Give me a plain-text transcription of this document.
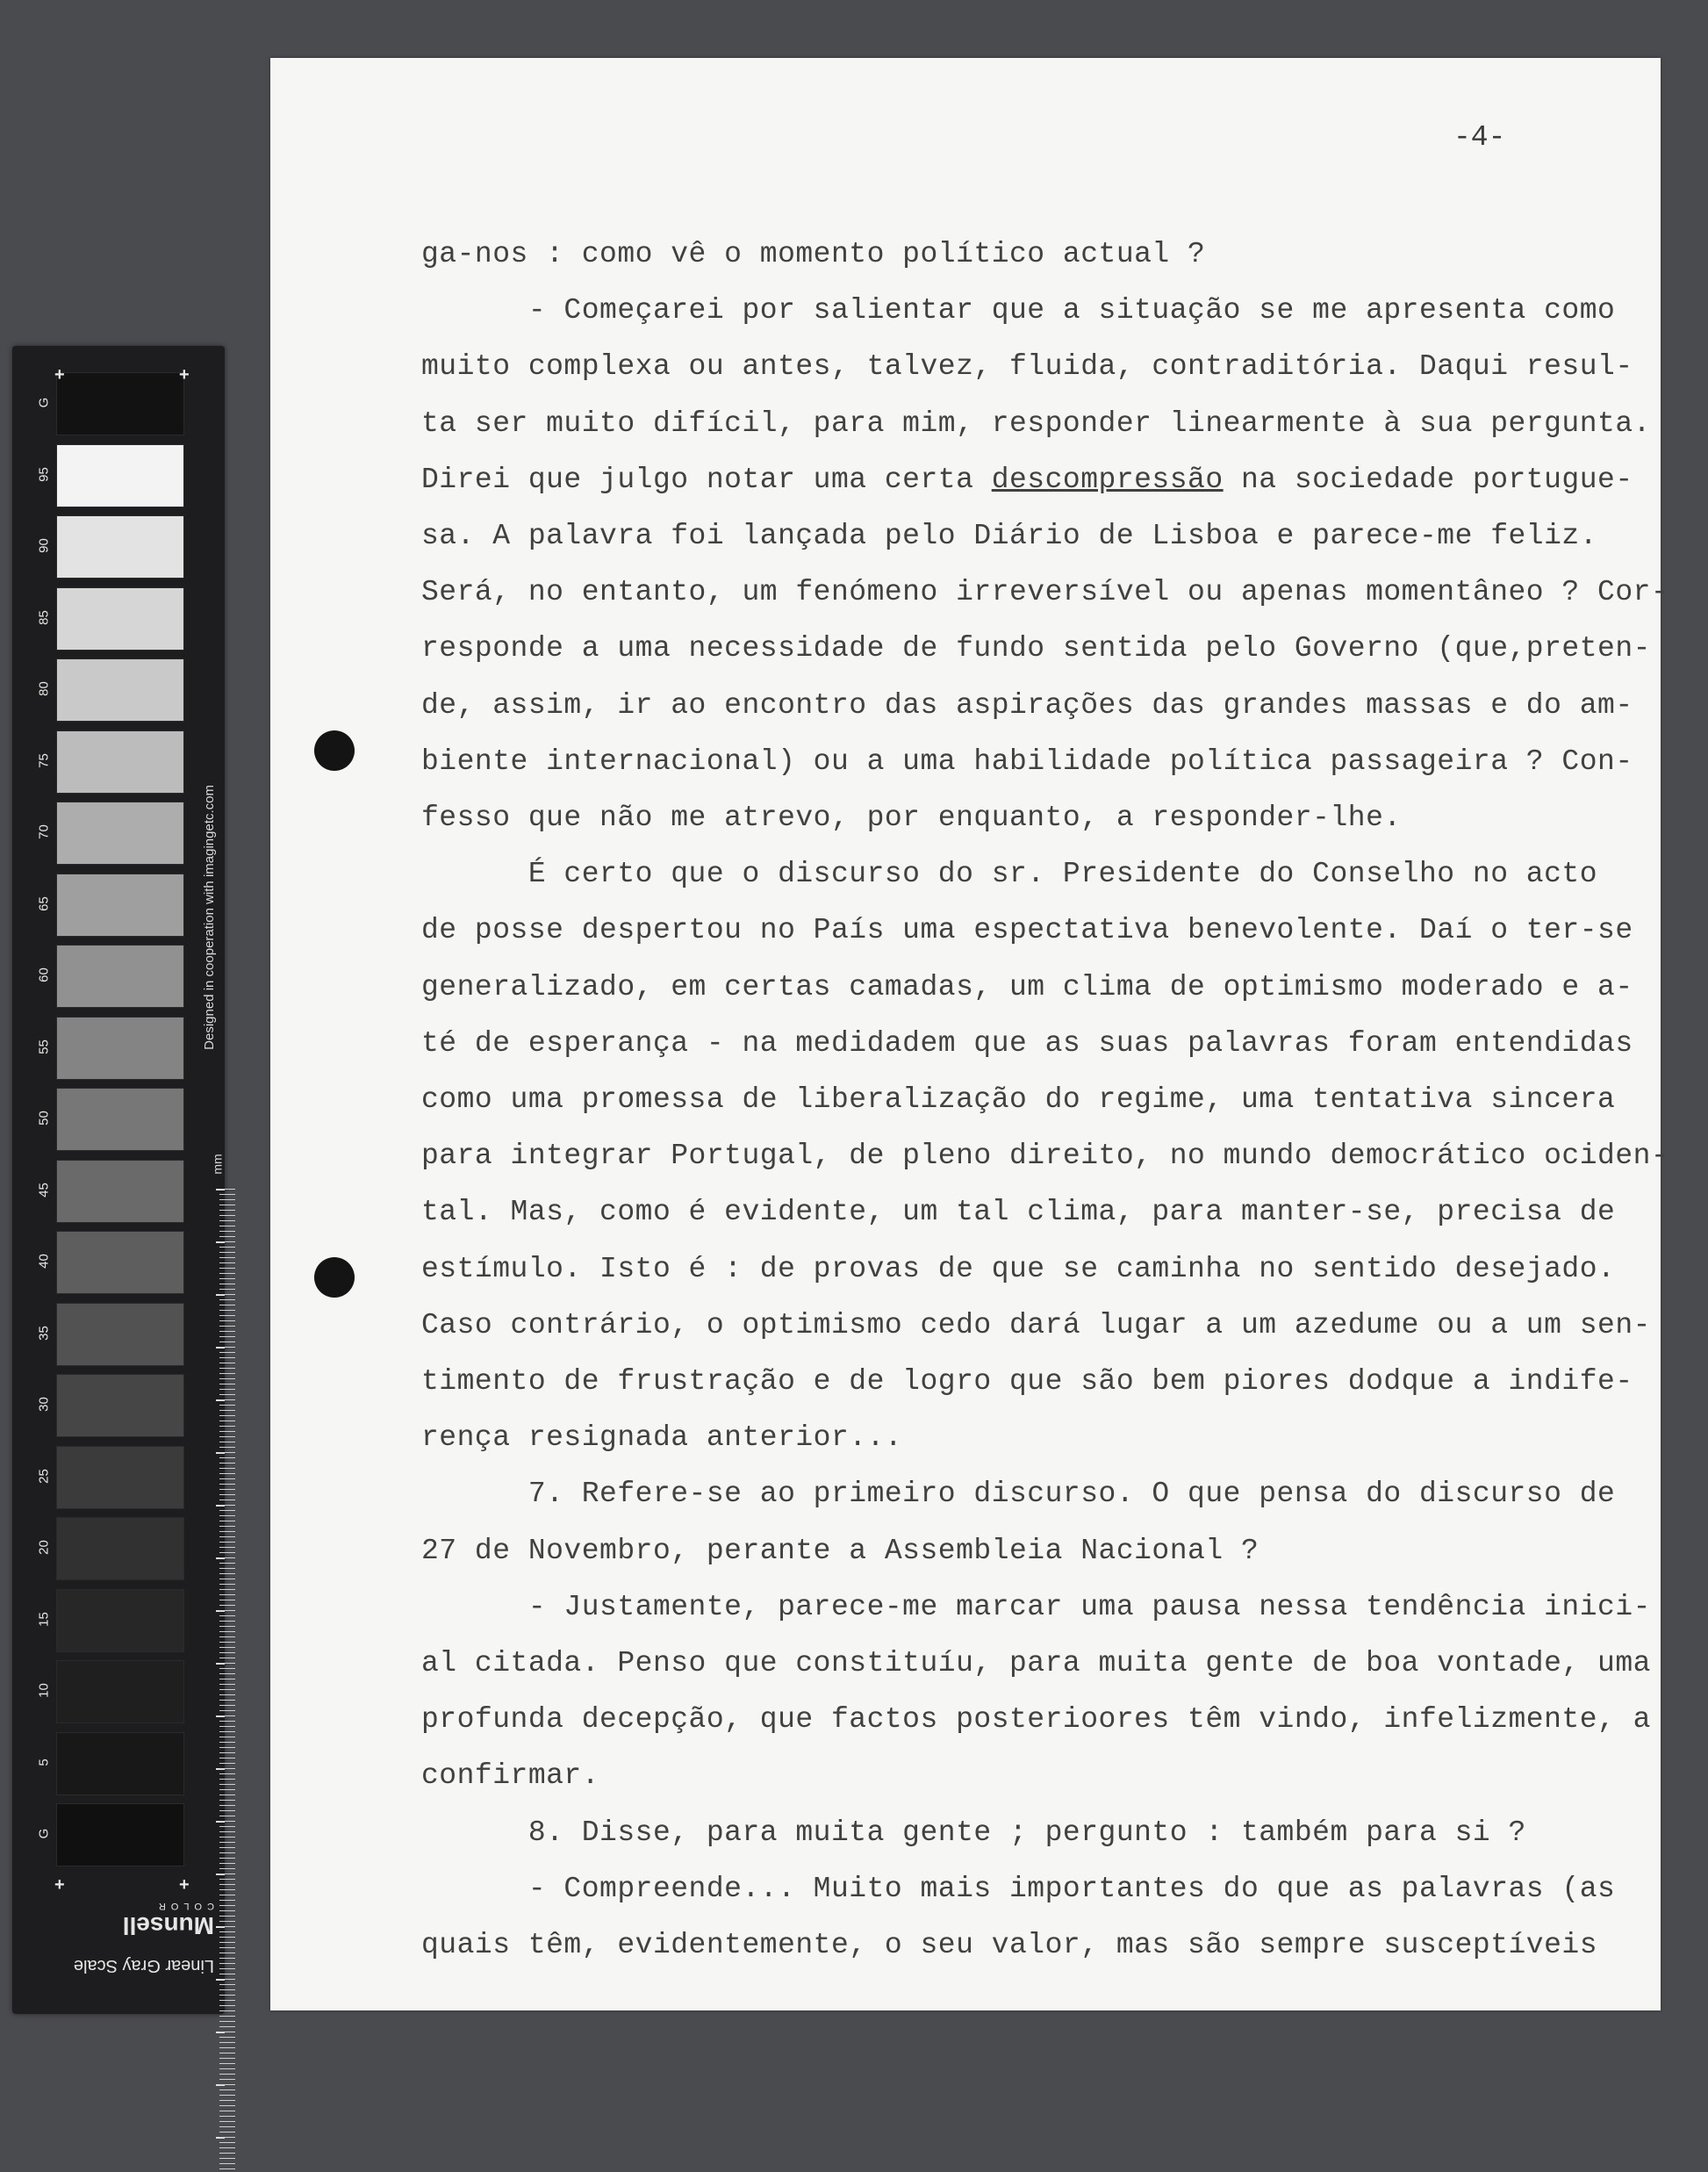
G
95
90
85
80
75
70
65
60
55
50
45
40
35
30
25
20
15
10
5
G
+	+
+	+
Designed in cooperation with imagingetc.com
mm
Linear Gray Scale
Munsell
COLOR
-4-

ga-nos : como vê o momento político actual ?

- Começarei por salientar que a situação se me apresenta como

muito complexa ou antes, talvez, fluida, contraditória. Daqui resul-

ta ser muito difícil, para mim, responder linearmente à sua pergunta.

Direi que julgo notar uma certa descompressão na sociedade portugue-

sa. A palavra foi lançada pelo Diário de Lisboa e parece-me feliz.

Será, no entanto, um fenómeno irreversível ou apenas momentâneo ? Cor-

responde a uma necessidade de fundo sentida pelo Governo (que,preten-

de, assim, ir ao encontro das aspirações das grandes massas e do am-

biente internacional) ou a uma habilidade política passageira ? Con-

fesso que não me atrevo, por enquanto, a responder-lhe.

É certo que o discurso do sr. Presidente do Conselho no acto

de posse despertou no País uma espectativa benevolente. Daí o ter-se

generalizado, em certas camadas, um clima de optimismo moderado e a-

té de esperança - na medidadem que as suas palavras foram entendidas

como uma promessa de liberalização do regime, uma tentativa sincera

para integrar Portugal, de pleno direito, no mundo democrático ociden-

tal. Mas, como é evidente, um tal clima, para manter-se, precisa de

estímulo. Isto é : de provas de que se caminha no sentido desejado.

Caso contrário, o optimismo cedo dará lugar a um azedume ou a um sen-

timento de frustração e de logro que são bem piores dodque a indife-

rença resignada anterior...

7. Refere-se ao primeiro discurso. O que pensa do discurso de

27 de Novembro, perante a Assembleia Nacional ?

- Justamente, parece-me marcar uma pausa nessa tendência inici-

al citada. Penso que constituíu, para muita gente de boa vontade, uma

profunda decepção, que factos posterioores têm vindo, infelizmente, a

confirmar.

8. Disse, para muita gente ; pergunto : também para si ?

- Compreende... Muito mais importantes do que as palavras (as

quais têm, evidentemente, o seu valor, mas são sempre susceptíveis
